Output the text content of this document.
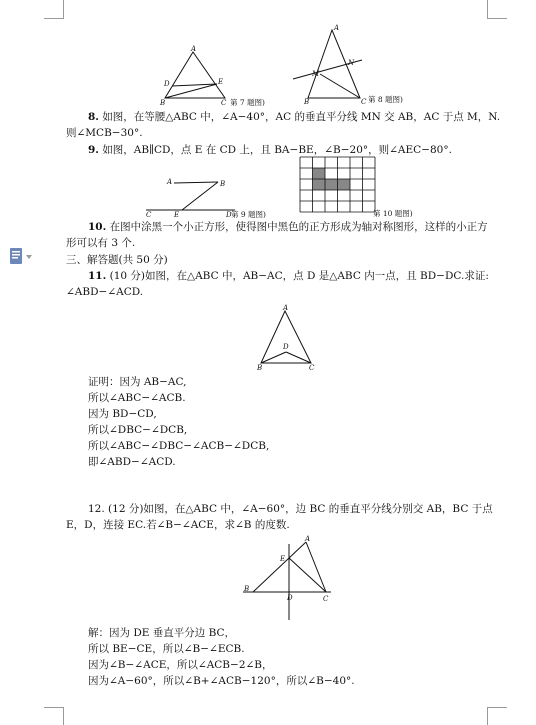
A
D
B
E
C 第 7 题图)
A
M
N
B	C 第 8 题图)
8. 如图，在等腰△ABC 中，∠A−40°，AC 的垂直平分线 MN 交 AB，AC 于点 M，N.
则∠MCB−30°.
9. 如图，AB∥CD，点 E 在 CD 上，且 BA−BE，∠B−20°，则∠AEC−80°.
A	B
C	E	D 第 9 题图)	第 10 题图)
10. 在图中涂黑一个小正方形，使得图中黑色的正方形成为轴对称图形，这样的小正方
形可以有 3 个.
三、解答题(共 50 分)
11. (10 分)如图，在△ABC 中，AB−AC，点 D 是△ABC 内一点，且 BD−DC.求证:
∠ABD−∠ACD.
A
D
B	C
证明：因为 AB−AC,
所以∠ABC−∠ACB.
因为 BD−CD,
所以∠DBC−∠DCB,
所以∠ABC−∠DBC−∠ACB−∠DCB,
即∠ABD−∠ACD.
12. (12 分)如图，在△ABC 中，∠A−60°，边 BC 的垂直平分线分别交 AB，BC 于点
E，D，连接 EC.若∠B−∠ACE，求∠B 的度数.
A
E
B
D	C
解：因为 DE 垂直平分边 BC，
所以 BE−CE，所以∠B−∠ECB.
因为∠B−∠ACE，所以∠ACB−2∠B，
因为∠A−60°，所以∠B+∠ACB−120°，所以∠B−40°.
